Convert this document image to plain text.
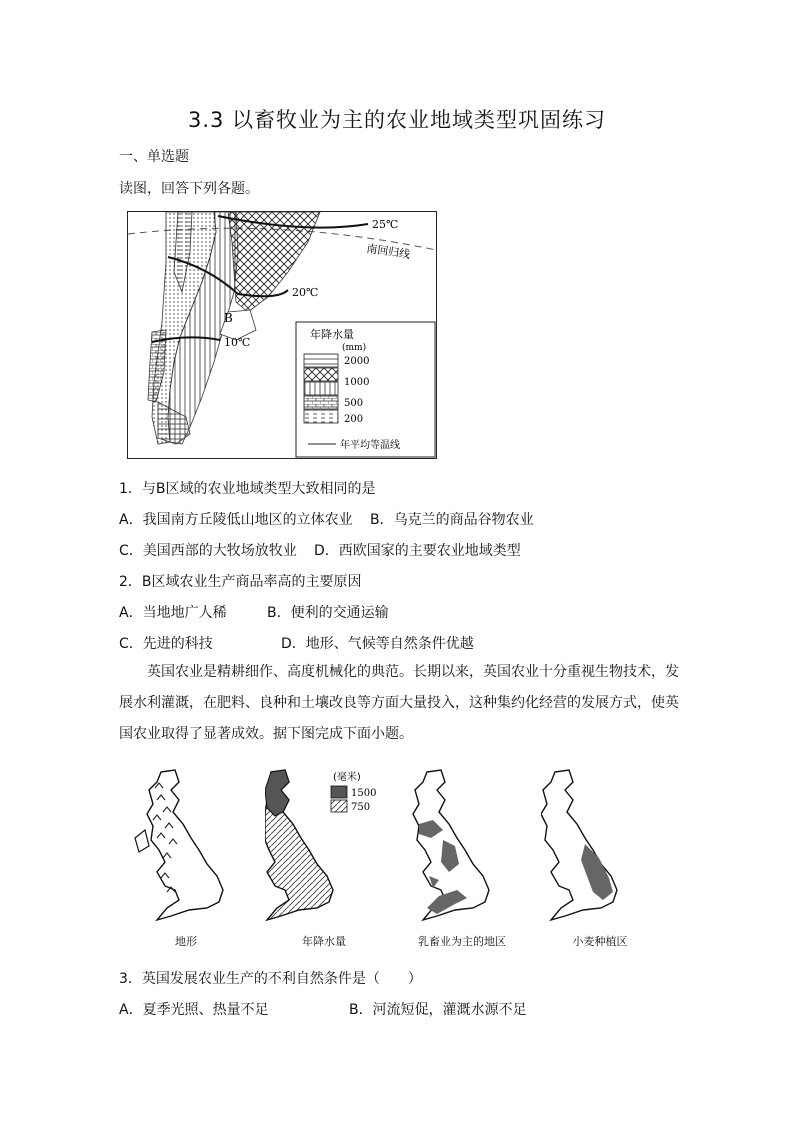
3.3 以畜牧业为主的农业地域类型巩固练习
一、单选题
读图，回答下列各题。
25℃
南回归线
20℃
B
10℃
年降水量
(mm)
2000
1000
500
200
年平均等温线
1．与B区域的农业地域类型大致相同的是
A．我国南方丘陵低山地区的立体农业 B．乌克兰的商品谷物农业
C．美国西部的大牧场放牧业 D．西欧国家的主要农业地域类型
2．B区域农业生产商品率高的主要原因
A．当地地广人稀	B．便利的交通运输
C．先进的科技	D．地形、气候等自然条件优越
英国农业是精耕细作、高度机械化的典范。长期以来，英国农业十分重视生物技术，发展水利灌溉，在肥料、良种和土壤改良等方面大量投入，这种集约化经营的发展方式，使英国农业取得了显著成效。据下图完成下面小题。
地形
(毫米)
1500
750
年降水量	乳畜业为主的地区	小麦种植区
3．英国发展农业生产的不利自然条件是（　　）
A．夏季光照、热量不足	B．河流短促，灌溉水源不足
